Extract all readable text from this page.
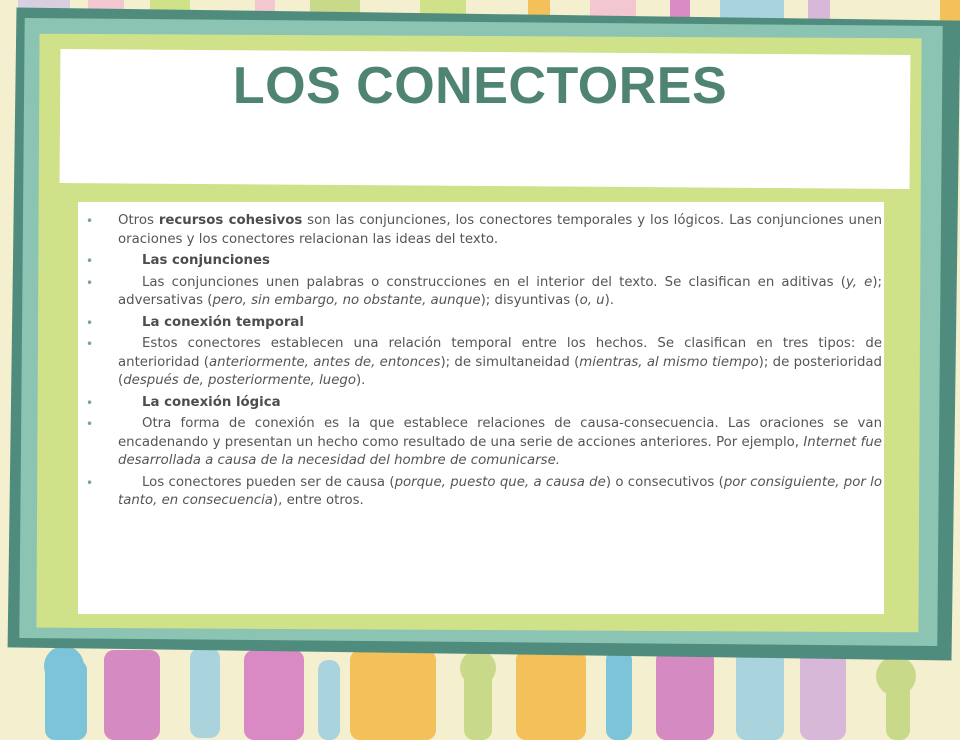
LOS CONECTORES
• Otros recursos cohesivos son las conjunciones, los conectores temporales y los lógicos. Las conjunciones unen oraciones y los conectores relacionan las ideas del texto.
•	Las conjunciones
•	Las conjunciones unen palabras o construcciones en el interior del texto. Se clasifican en aditivas (y, e); adversativas (pero, sin embargo, no obstante, aunque); disyuntivas (o, u).
•	La conexión temporal
•	Estos conectores establecen una relación temporal entre los hechos. Se clasifican en tres tipos: de anterioridad (anteriormente, antes de, entonces); de simultaneidad (mientras, al mismo tiempo); de posterioridad (después de, posteriormente, luego).
•	La conexión lógica
•	Otra forma de conexión es la que establece relaciones de causa-consecuencia. Las oraciones se van encadenando y presentan un hecho como resultado de una serie de acciones anteriores. Por ejemplo, Internet fue desarrollada a causa de la necesidad del hombre de comunicarse.
•	Los conectores pueden ser de causa (porque, puesto que, a causa de) o consecutivos (por consiguiente, por lo tanto, en consecuencia), entre otros.
